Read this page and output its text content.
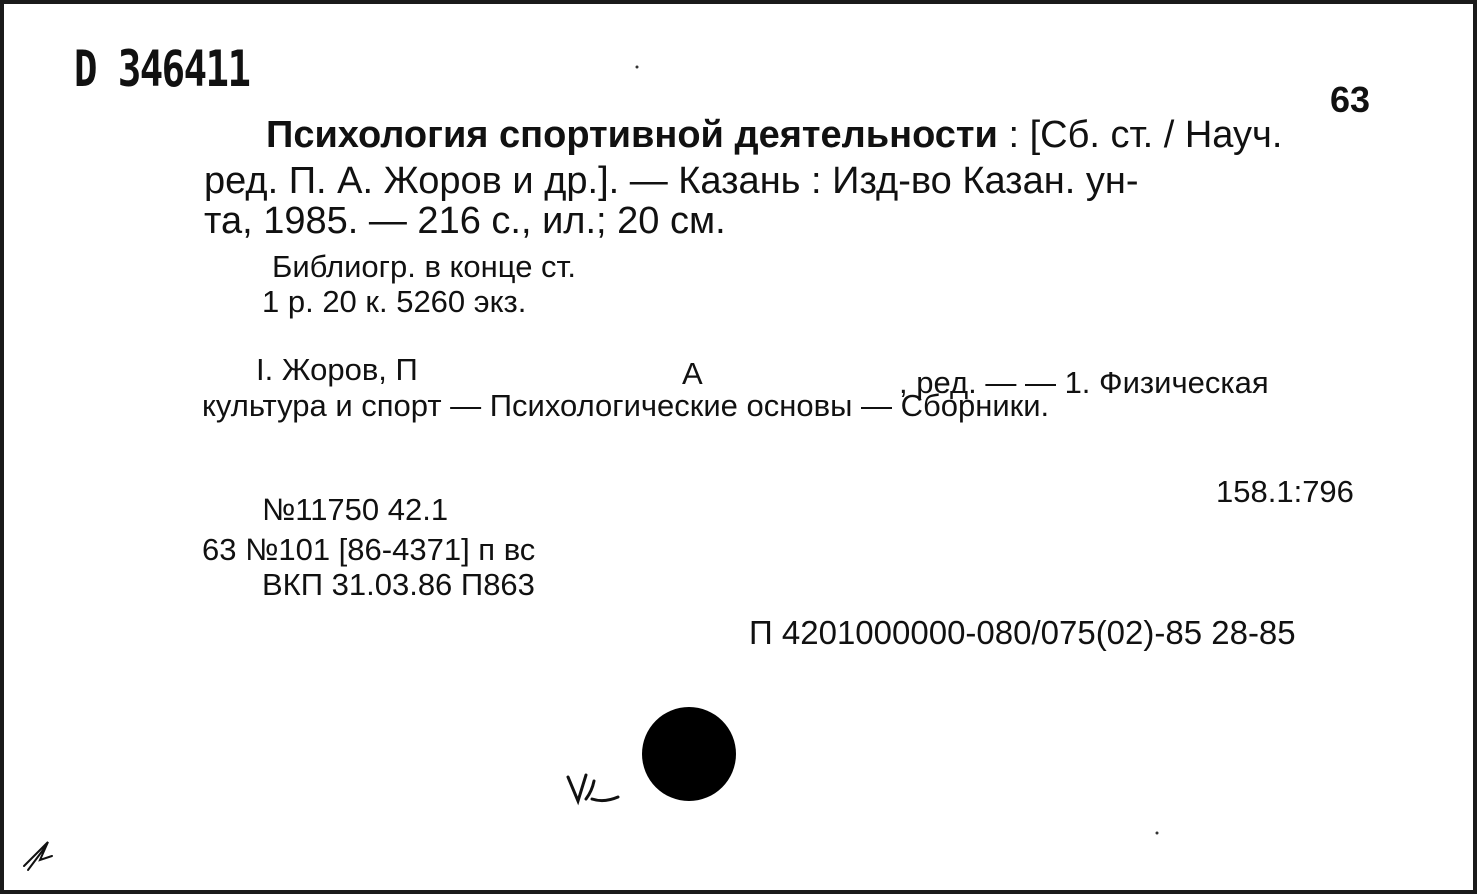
D 346411
63
Психология спортивной деятельности : [Сб. ст. / Науч.
ред. П. А. Жоров и др.]. — Казань : Изд-во Казан. ун-
та, 1985. — 216 с., ил.; 20 см.
Библиогр. в конце ст.
1 р. 20 к. 5260 экз.
I. Жоров, П	А	, ред. — — 1. Физическая
культура и спорт — Психологические основы — Сборники.
158.1:796
№11750 42.1
63 №101 [86-4371] п вс
ВКП 31.03.86 П863
П 4201000000-080/075(02)-85 28-85
